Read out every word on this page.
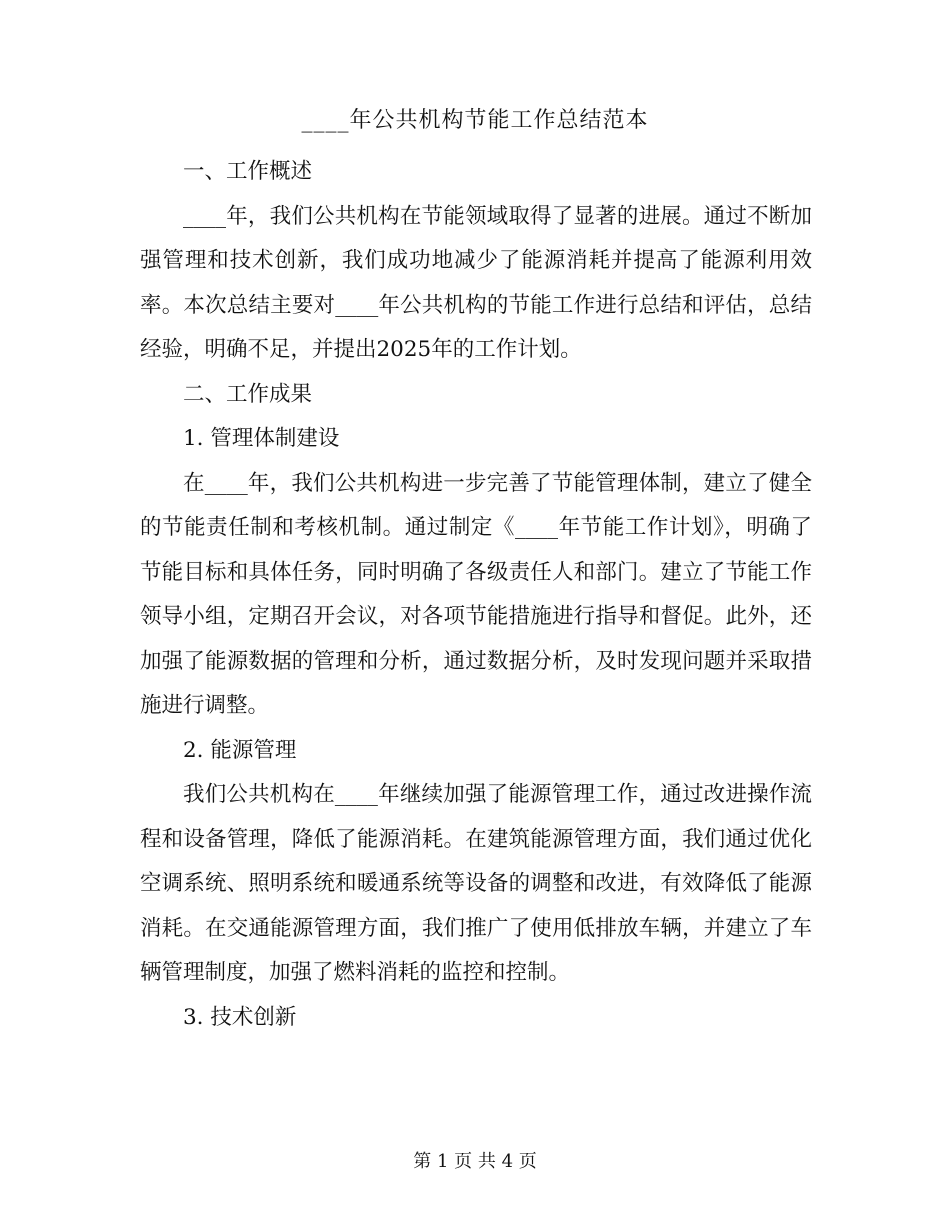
____年公共机构节能工作总结范本

一、工作概述

____年，我们公共机构在节能领域取得了显著的进展。通过不断加强管理和技术创新，我们成功地减少了能源消耗并提高了能源利用效率。本次总结主要对____年公共机构的节能工作进行总结和评估，总结经验，明确不足，并提出2025年的工作计划。

二、工作成果

1. 管理体制建设

在____年，我们公共机构进一步完善了节能管理体制，建立了健全的节能责任制和考核机制。通过制定《____年节能工作计划》，明确了节能目标和具体任务，同时明确了各级责任人和部门。建立了节能工作领导小组，定期召开会议，对各项节能措施进行指导和督促。此外，还加强了能源数据的管理和分析，通过数据分析，及时发现问题并采取措施进行调整。

2. 能源管理

我们公共机构在____年继续加强了能源管理工作，通过改进操作流程和设备管理，降低了能源消耗。在建筑能源管理方面，我们通过优化空调系统、照明系统和暖通系统等设备的调整和改进，有效降低了能源消耗。在交通能源管理方面，我们推广了使用低排放车辆，并建立了车辆管理制度，加强了燃料消耗的监控和控制。

3. 技术创新

第 1 页 共 4 页
